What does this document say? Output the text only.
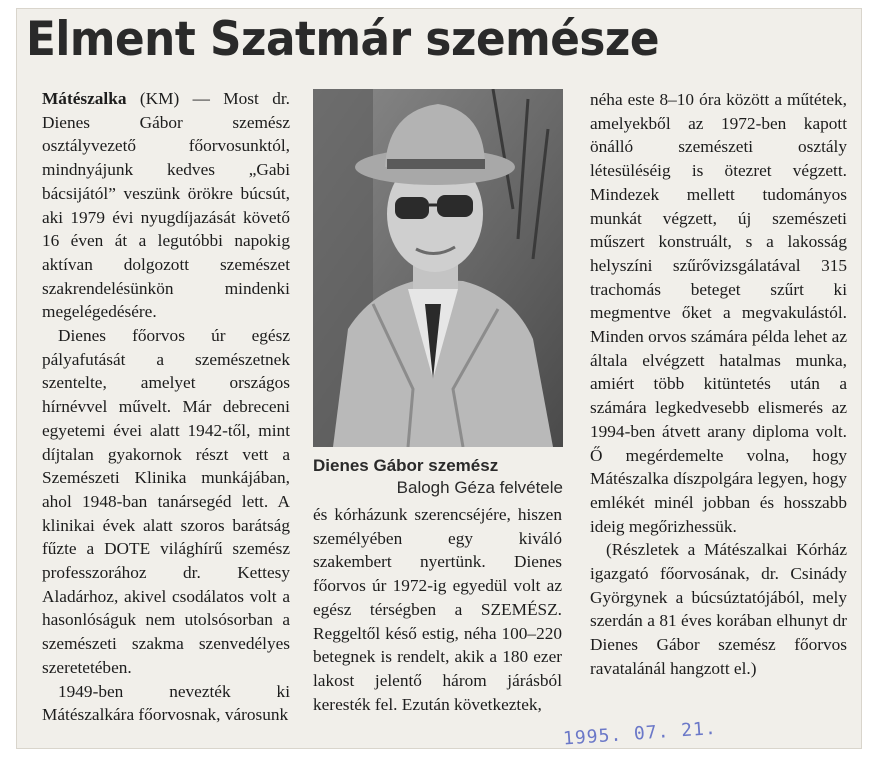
Elment Szatmár szemésze

Mátészalka (KM) — Most dr. Dienes Gábor szemész osztályvezető főorvosunktól, mindnyájunk kedves „Gabi bácsijától” veszünk örökre búcsút, aki 1979 évi nyugdíjazását követő 16 éven át a legutóbbi napokig aktívan dolgozott szemészet szakrendelésünkön mindenki megelégedésére.

Dienes főorvos úr egész pályafutását a szemészetnek szentelte, amelyet országos hírnévvel művelt. Már debreceni egyetemi évei alatt 1942-től, mint díjtalan gyakornok részt vett a Szemészeti Klinika munkájában, ahol 1948-ban tanársegéd lett. A klinikai évek alatt szoros barátság fűzte a DOTE világhírű szemész professzorához dr. Kettesy Aladárhoz, akivel csodálatos volt a hasonlóságuk nem utolsósorban a szemészeti szakma szenvedélyes szeretetében.

1949-ben nevezték ki Mátészalkára főorvosnak, városunk

Dienes Gábor szemész
Balogh Géza felvétele

és kórházunk szerencséjére, hiszen személyében egy kiváló szakembert nyertünk. Dienes főorvos úr 1972-ig egyedül volt az egész térségben a SZEMÉSZ. Reggeltől késő estig, néha 100–220 betegnek is rendelt, akik a 180 ezer lakost jelentő három járásból keresték fel. Ezután következtek,

néha este 8–10 óra között a műtétek, amelyekből az 1972-ben kapott önálló szemészeti osztály létesüléséig is ötezret végzett. Mindezek mellett tudományos munkát végzett, új szemészeti műszert konstruált, s a lakosság helyszíni szűrővizsgálatával 315 trachomás beteget szűrt ki megmentve őket a megvakulástól. Minden orvos számára példa lehet az általa elvégzett hatalmas munka, amiért több kitüntetés után a számára legkedvesebb elismerés az 1994-ben átvett arany diploma volt. Ő megérdemelte volna, hogy Mátészalka díszpolgára legyen, hogy emlékét minél jobban és hosszabb ideig megőrizhessük.

(Részletek a Mátészalkai Kórház igazgató főorvosának, dr. Csinády Györgynek a búcsúztatójából, mely szerdán a 81 éves korában elhunyt dr Dienes Gábor szemész főorvos ravatalánál hangzott el.)

1995. 07. 21.
